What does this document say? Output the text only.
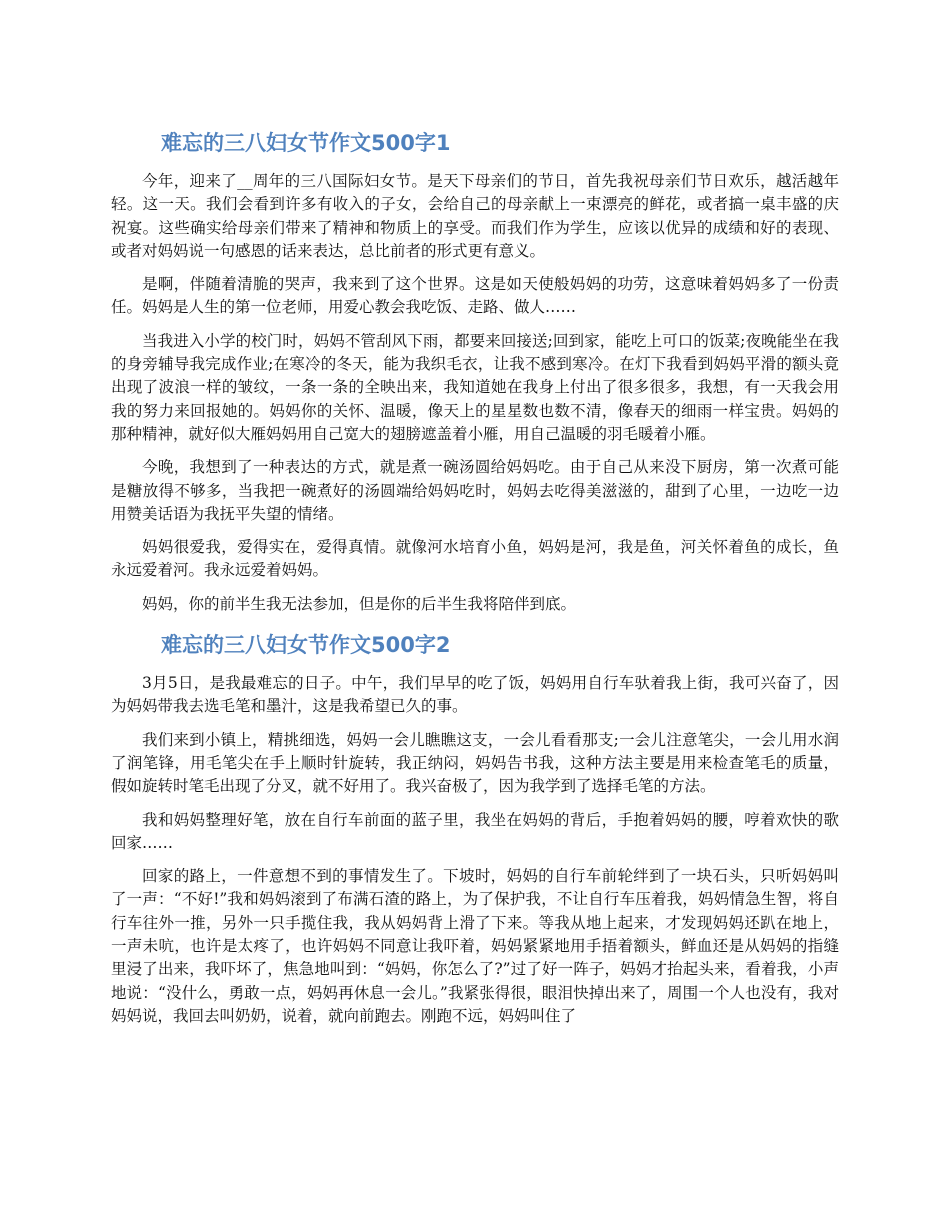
难忘的三八妇女节作文500字1

今年，迎来了__周年的三八国际妇女节。是天下母亲们的节日，首先我祝母亲们节日欢乐，越活越年轻。这一天。我们会看到许多有收入的子女，会给自己的母亲献上一束漂亮的鲜花，或者搞一桌丰盛的庆祝宴。这些确实给母亲们带来了精神和物质上的享受。而我们作为学生，应该以优异的成绩和好的表现、或者对妈妈说一句感恩的话来表达，总比前者的形式更有意义。

是啊，伴随着清脆的哭声，我来到了这个世界。这是如天使般妈妈的功劳，这意味着妈妈多了一份责任。妈妈是人生的第一位老师，用爱心教会我吃饭、走路、做人……

当我进入小学的校门时，妈妈不管刮风下雨，都要来回接送;回到家，能吃上可口的饭菜;夜晚能坐在我的身旁辅导我完成作业;在寒冷的冬天，能为我织毛衣，让我不感到寒冷。在灯下我看到妈妈平滑的额头竟出现了波浪一样的皱纹，一条一条的全映出来，我知道她在我身上付出了很多很多，我想，有一天我会用我的努力来回报她的。妈妈你的关怀、温暖，像天上的星星数也数不清，像春天的细雨一样宝贵。妈妈的那种精神，就好似大雁妈妈用自己宽大的翅膀遮盖着小雁，用自己温暖的羽毛暖着小雁。

今晚，我想到了一种表达的方式，就是煮一碗汤圆给妈妈吃。由于自己从来没下厨房，第一次煮可能是糖放得不够多，当我把一碗煮好的汤圆端给妈妈吃时，妈妈去吃得美滋滋的，甜到了心里，一边吃一边用赞美话语为我抚平失望的情绪。

妈妈很爱我，爱得实在，爱得真情。就像河水培育小鱼，妈妈是河，我是鱼，河关怀着鱼的成长，鱼永远爱着河。我永远爱着妈妈。

妈妈，你的前半生我无法参加，但是你的后半生我将陪伴到底。

难忘的三八妇女节作文500字2

3月5日，是我最难忘的日子。中午，我们早早的吃了饭，妈妈用自行车驮着我上街，我可兴奋了，因为妈妈带我去选毛笔和墨汁，这是我希望已久的事。

我们来到小镇上，精挑细选，妈妈一会儿瞧瞧这支，一会儿看看那支;一会儿注意笔尖，一会儿用水润了润笔锋，用毛笔尖在手上顺时针旋转，我正纳闷，妈妈告书我，这种方法主要是用来检查笔毛的质量，假如旋转时笔毛出现了分叉，就不好用了。我兴奋极了，因为我学到了选择毛笔的方法。

我和妈妈整理好笔，放在自行车前面的蓝子里，我坐在妈妈的背后，手抱着妈妈的腰，哼着欢快的歌回家……

回家的路上，一件意想不到的事情发生了。下坡时，妈妈的自行车前轮绊到了一块石头，只听妈妈叫了一声：“不好!”我和妈妈滚到了布满石渣的路上，为了保护我，不让自行车压着我，妈妈情急生智，将自行车往外一推，另外一只手揽住我，我从妈妈背上滑了下来。等我从地上起来，才发现妈妈还趴在地上，一声未吭，也许是太疼了，也许妈妈不同意让我吓着，妈妈紧紧地用手捂着额头，鲜血还是从妈妈的指缝里浸了出来，我吓坏了，焦急地叫到：“妈妈，你怎么了?”过了好一阵子，妈妈才抬起头来，看着我，小声地说：“没什么，勇敢一点，妈妈再休息一会儿。”我紧张得很，眼泪快掉出来了，周围一个人也没有，我对妈妈说，我回去叫奶奶，说着，就向前跑去。刚跑不远，妈妈叫住了
